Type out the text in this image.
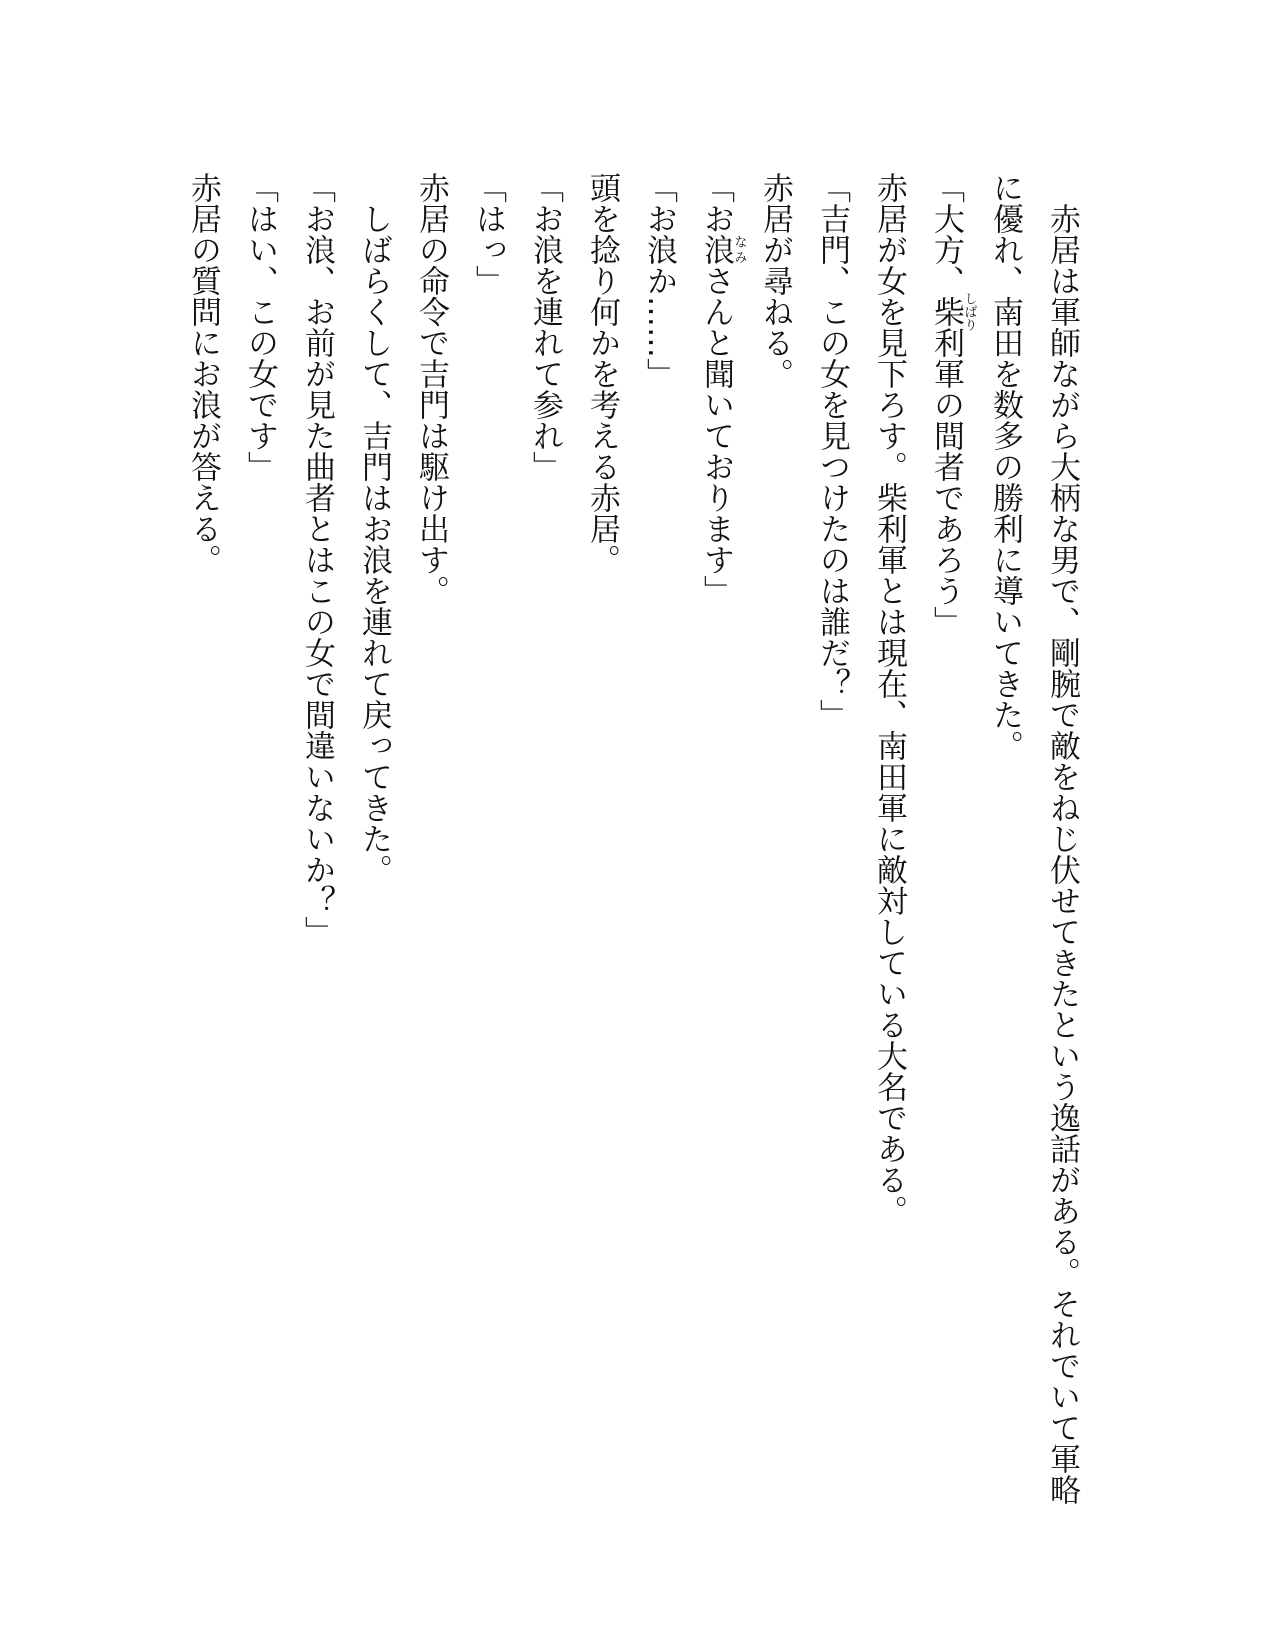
赤居は軍師ながら大柄な男で、剛腕で敵をねじ伏せてきたという逸話がある。それでいて軍略
に優れ、南田を数多の勝利に導いてきた。
「大方、柴しばり利軍の間者であろう」
赤居が女を見下ろす。柴利軍とは現在、南田軍に敵対している大名である。
「吉門、この女を見つけたのは誰だ？」
赤居が尋ねる。
「お浪なみさんと聞いております」
「お浪か……」
頭を捻り何かを考える赤居。
「お浪を連れて参れ」
「はっ」
赤居の命令で吉門は駆け出す。
しばらくして、吉門はお浪を連れて戻ってきた。
「お浪、お前が見た曲者とはこの女で間違いないか？」
「はい、この女です」
赤居の質問にお浪が答える。
